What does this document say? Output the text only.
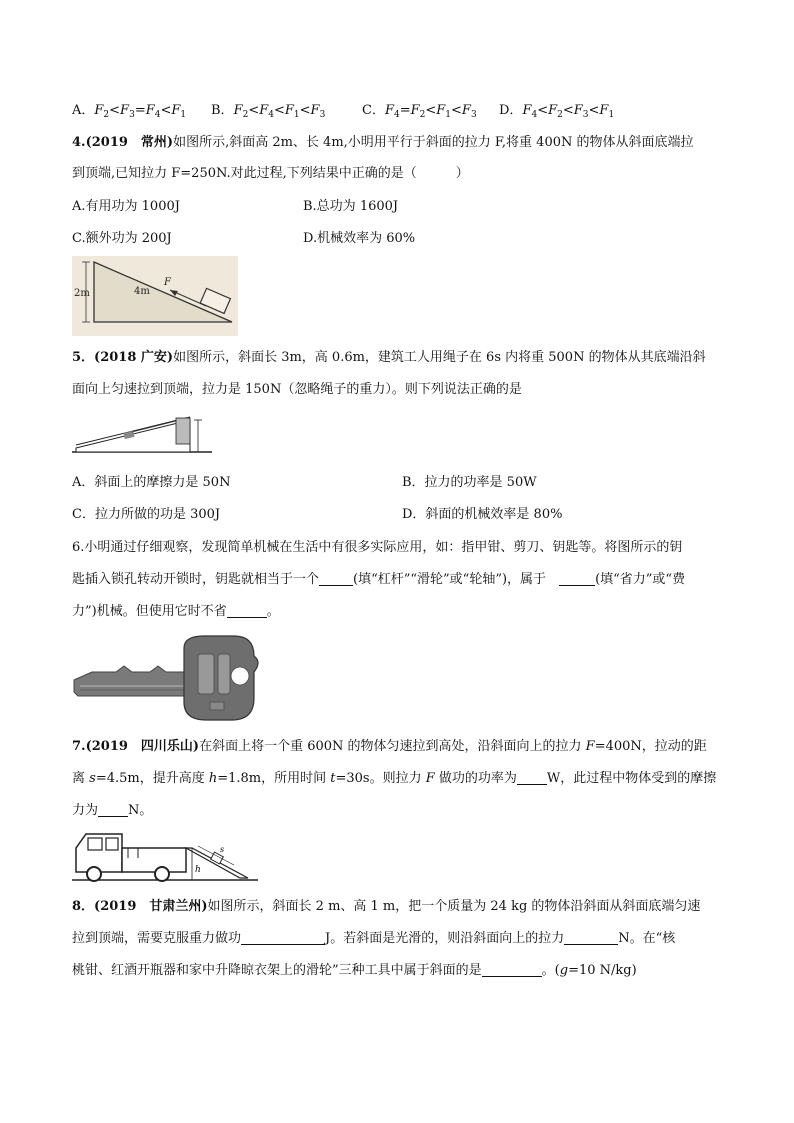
A．$F_2<F_3=F_4<F_1$ B．$F_2<F_4<F_1<F_3$	C．$F_4=F_2<F_1<F_3$ D．$F_4<F_2<F_3<F_1$
4.(2019　常州)如图所示,斜面高 2m、长 4m,小明用平行于斜面的拉力 F,将重 400N 的物体从斜面底端拉
到顶端,已知拉力 F=250N.对此过程,下列结果中正确的是（　　　）
A.有用功为 1000J	B.总功为 1600J
C.额外功为 200J	D.机械效率为 60%
2m	4m
F
5．(2018 广安)如图所示，斜面长 3m，高 0.6m，建筑工人用绳子在 6s 内将重 500N 的物体从其底端沿斜
面向上匀速拉到顶端，拉力是 150N（忽略绳子的重力）。则下列说法正确的是
A．斜面上的摩擦力是 50N	B．拉力的功率是 50W
C．拉力所做的功是 300J	D．斜面的机械效率是 80%
6.小明通过仔细观察，发现简单机械在生活中有很多实际应用，如：指甲钳、剪刀、钥匙等。将图所示的钥
匙插入锁孔转动开锁时，钥匙就相当于一个	(填“杠杆”“滑轮”或“轮轴”)，属于　	(填“省力”或“费
力”)机械。但使用它时不省	。
7.(2019　四川乐山)在斜面上将一个重 600N 的物体匀速拉到高处，沿斜面向上的拉力 F=400N，拉动的距
离 s=4.5m，提升高度 h=1.8m，所用时间 t=30s。则拉力 F 做功的功率为 W，此过程中物体受到的摩擦
力为 N。
s
h
8．(2019　甘肃兰州)如图所示，斜面长 2 m、高 1 m，把一个质量为 24 kg 的物体沿斜面从斜面底端匀速
拉到顶端，需要克服重力做功	J。若斜面是光滑的，则沿斜面向上的拉力	N。在“核
桃钳、红酒开瓶器和家中升降晾衣架上的滑轮”三种工具中属于斜面的是	。(g=10 N/kg)
